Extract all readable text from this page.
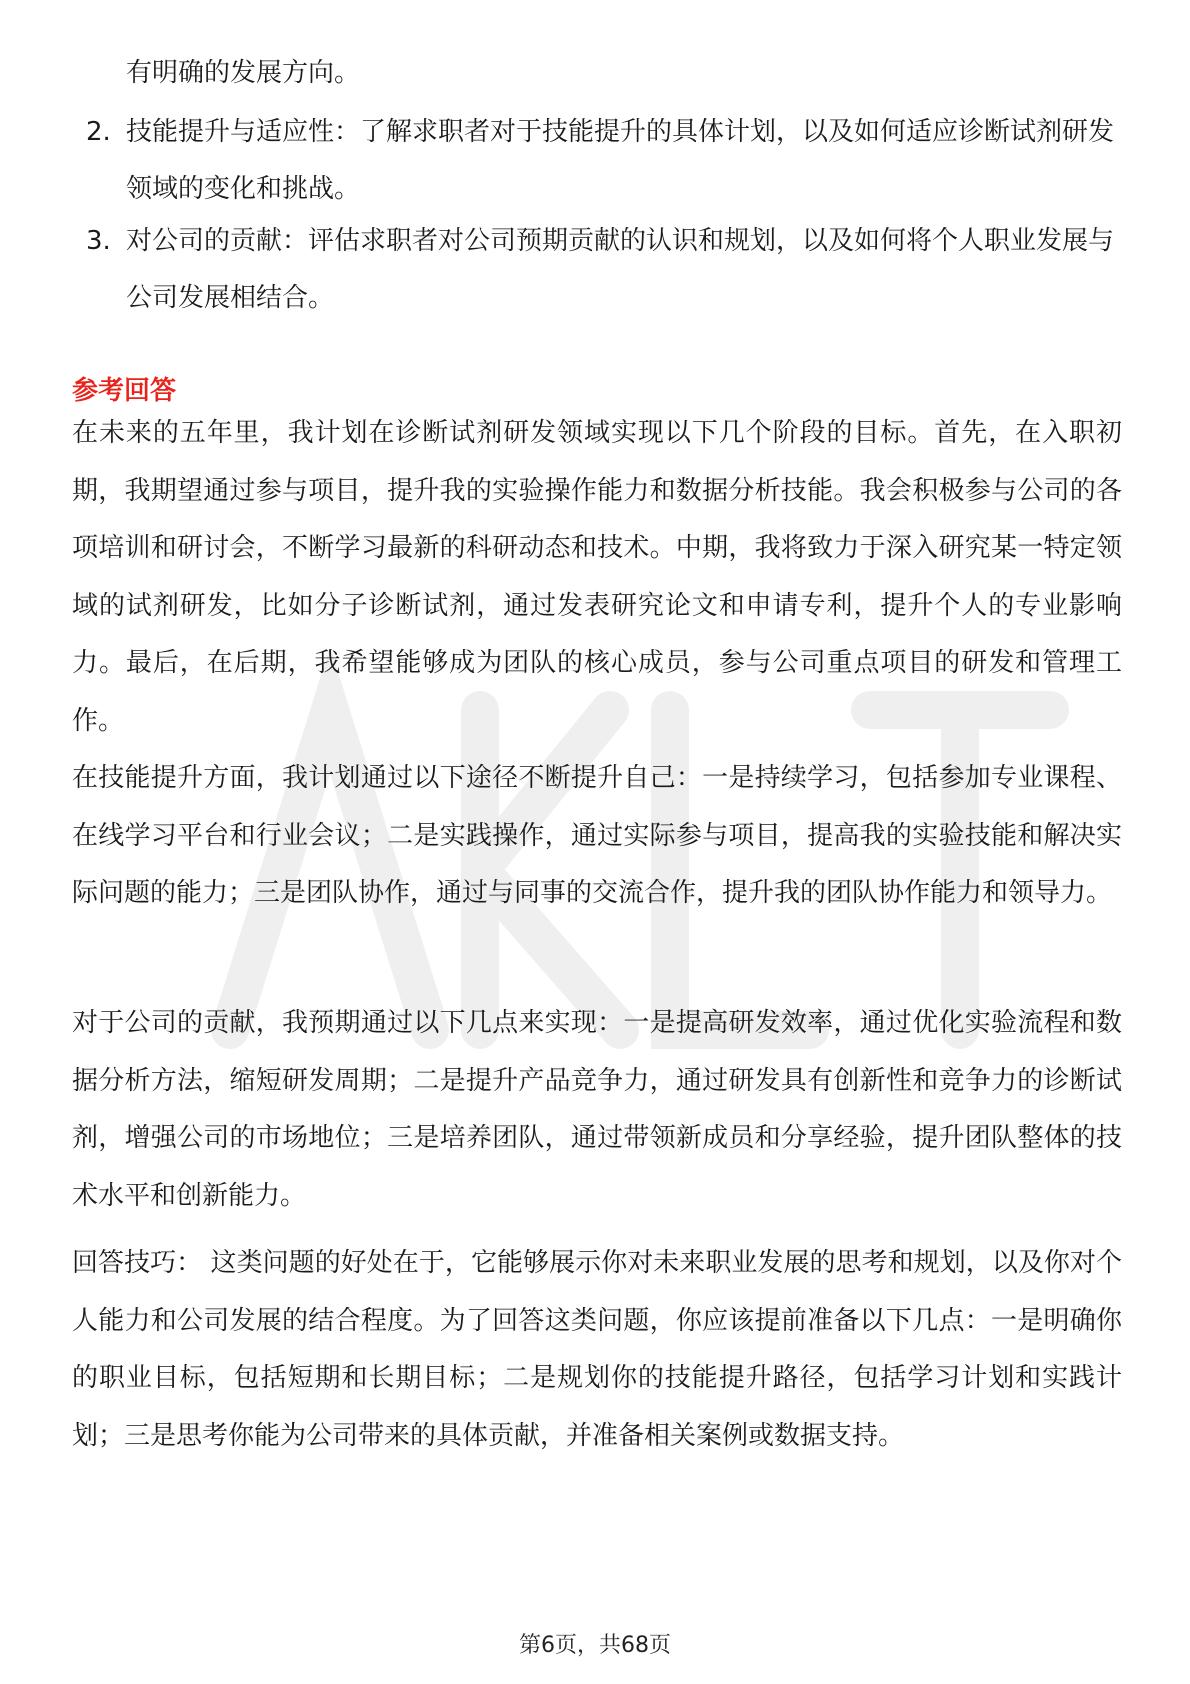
有明确的发展方向。
2. 技能提升与适应性：了解求职者对于技能提升的具体计划，以及如何适应诊断试剂研发领域的变化和挑战。
3. 对公司的贡献：评估求职者对公司预期贡献的认识和规划，以及如何将个人职业发展与公司发展相结合。
参考回答
在未来的五年里，我计划在诊断试剂研发领域实现以下几个阶段的目标。首先，在入职初期，我期望通过参与项目，提升我的实验操作能力和数据分析技能。我会积极参与公司的各项培训和研讨会，不断学习最新的科研动态和技术。中期，我将致力于深入研究某一特定领域的试剂研发，比如分子诊断试剂，通过发表研究论文和申请专利，提升个人的专业影响力。最后，在后期，我希望能够成为团队的核心成员，参与公司重点项目的研发和管理工作。
在技能提升方面，我计划通过以下途径不断提升自己：一是持续学习，包括参加专业课程、在线学习平台和行业会议；二是实践操作，通过实际参与项目，提高我的实验技能和解决实际问题的能力；三是团队协作，通过与同事的交流合作，提升我的团队协作能力和领导力。
对于公司的贡献，我预期通过以下几点来实现：一是提高研发效率，通过优化实验流程和数据分析方法，缩短研发周期；二是提升产品竞争力，通过研发具有创新性和竞争力的诊断试剂，增强公司的市场地位；三是培养团队，通过带领新成员和分享经验，提升团队整体的技术水平和创新能力。
回答技巧： 这类问题的好处在于，它能够展示你对未来职业发展的思考和规划，以及你对个人能力和公司发展的结合程度。为了回答这类问题，你应该提前准备以下几点：一是明确你的职业目标，包括短期和长期目标；二是规划你的技能提升路径，包括学习计划和实践计划；三是思考你能为公司带来的具体贡献，并准备相关案例或数据支持。
第6页，共68页
